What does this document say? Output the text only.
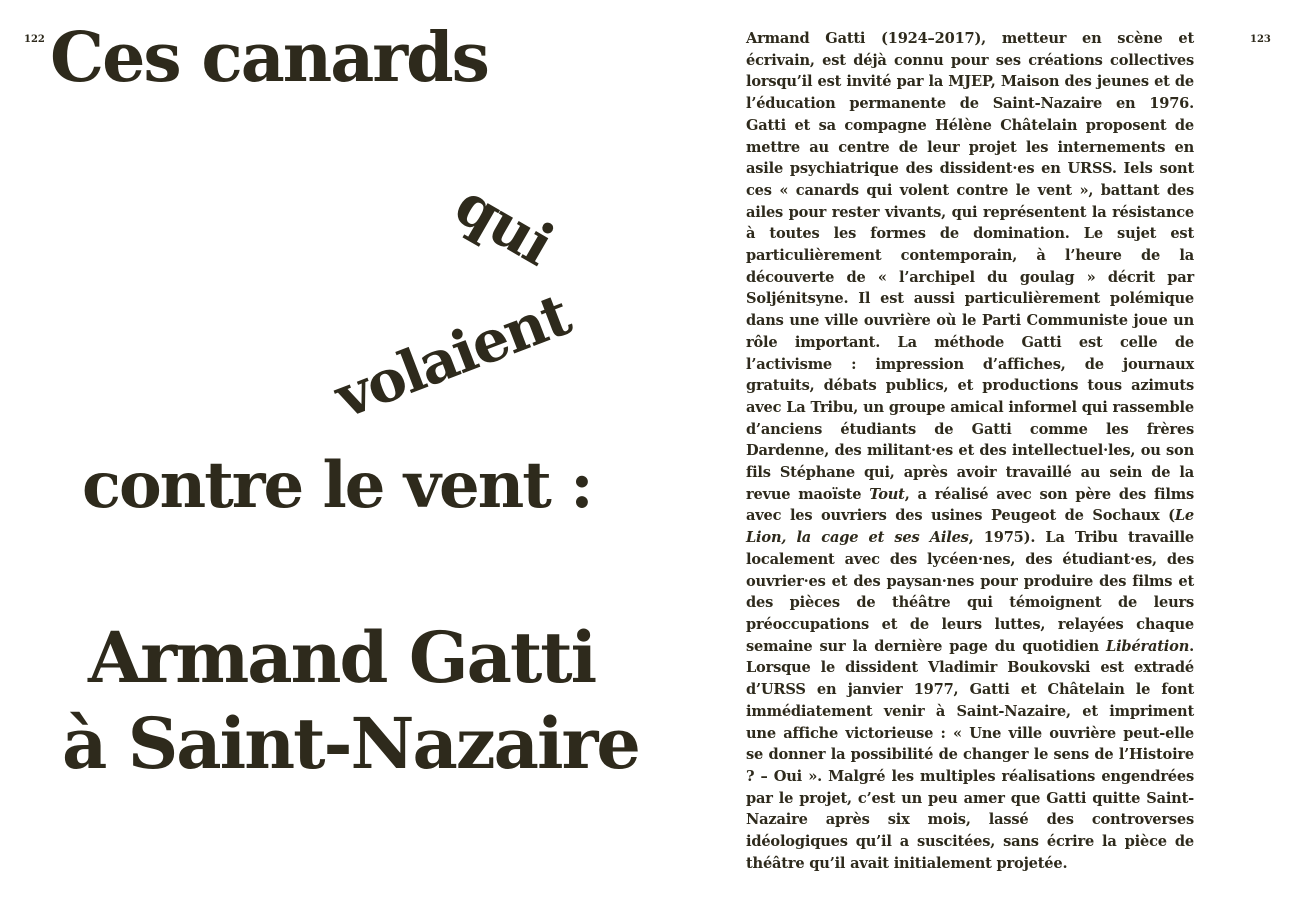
122	123
Ces canards
qui
volaient
contre le vent :
Armand Gatti
à Saint-Nazaire
Armand Gatti (1924–2017), metteur en scène et écrivain, est déjà connu pour ses créations collectives lorsqu’il est invité par la MJEP, Maison des jeunes et de l’éducation permanente de Saint-Nazaire en 1976. Gatti et sa compagne Hélène Châtelain proposent de mettre au centre de leur projet les internements en asile psychiatrique des dissident·es en URSS. Iels sont ces « canards qui volent contre le vent », battant des ailes pour rester vivants, qui représentent la résistance à toutes les formes de domination. Le sujet est particulièrement contemporain, à l’heure de la découverte de « l’archipel du goulag » décrit par Soljénitsyne. Il est aussi particulièrement polémique dans une ville ouvrière où le Parti Communiste joue un rôle important. La méthode Gatti est celle de l’activisme : impression d’affiches, de journaux gratuits, débats publics, et productions tous azimuts avec La Tribu, un groupe amical informel qui rassemble d’anciens étudiants de Gatti comme les frères Dardenne, des militant·es et des intellectuel·les, ou son fils Stéphane qui, après avoir travaillé au sein de la revue maoïste Tout, a réalisé avec son père des films avec les ouvriers des usines Peugeot de Sochaux (Le Lion, la cage et ses Ailes, 1975). La Tribu travaille localement avec des lycéen·nes, des étudiant·es, des ouvrier·es et des paysan·nes pour produire des films et des pièces de théâtre qui témoignent de leurs préoccupations et de leurs luttes, relayées chaque semaine sur la dernière page du quotidien Libération. Lorsque le dissident Vladimir Boukovski est extradé d’URSS en janvier 1977, Gatti et Châtelain le font immédiatement venir à Saint-Nazaire, et impriment une affiche victorieuse : « Une ville ouvrière peut-elle se donner la possibilité de changer le sens de l’Histoire ? – Oui ». Malgré les multiples réalisations engendrées par le projet, c’est un peu amer que Gatti quitte Saint-Nazaire après six mois, lassé des controverses idéologiques qu’il a suscitées, sans écrire la pièce de théâtre qu’il avait initialement projetée.
